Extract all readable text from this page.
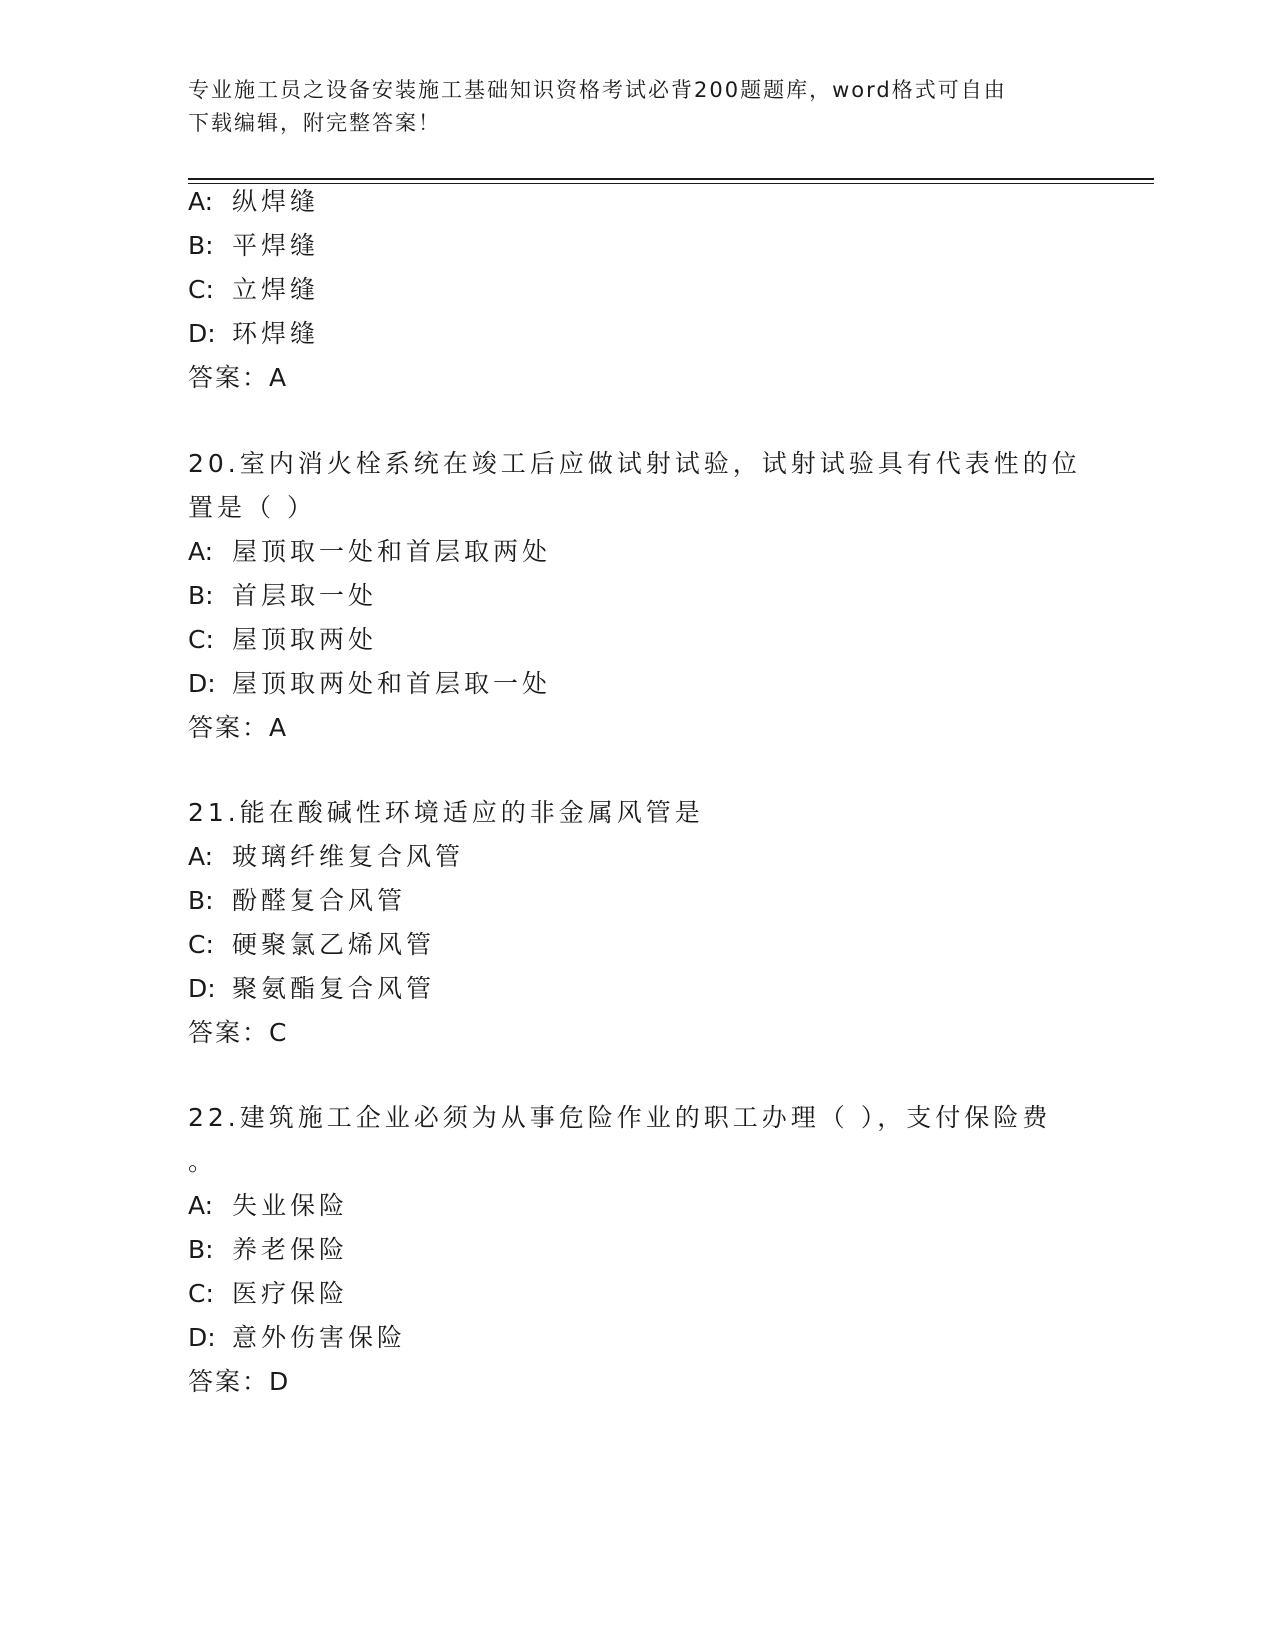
专业施工员之设备安装施工基础知识资格考试必背200题题库，word格式可自由
下载编辑，附完整答案！
A: 纵焊缝
B: 平焊缝
C: 立焊缝
D: 环焊缝
答案：A
20.室内消火栓系统在竣工后应做试射试验，试射试验具有代表性的位
置是（ ）
A: 屋顶取一处和首层取两处
B: 首层取一处
C: 屋顶取两处
D: 屋顶取两处和首层取一处
答案：A
21.能在酸碱性环境适应的非金属风管是
A: 玻璃纤维复合风管
B: 酚醛复合风管
C: 硬聚氯乙烯风管
D: 聚氨酯复合风管
答案：C
22.建筑施工企业必须为从事危险作业的职工办理（ ），支付保险费
。
A: 失业保险
B: 养老保险
C: 医疗保险
D: 意外伤害保险
答案：D
